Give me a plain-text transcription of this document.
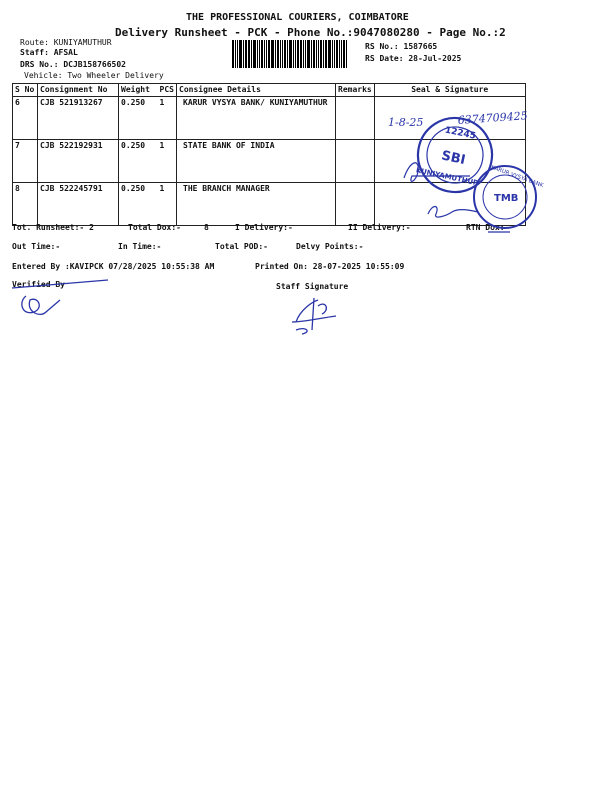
THE PROFESSIONAL COURIERS, COIMBATORE
Delivery Runsheet - PCK - Phone No.:9047080280 - Page No.:2
Route: KUNIYAMUTHUR
Staff: AFSAL
DRS No.: DCJB158766502
Vehicle: Two Wheeler Delivery
RS No.: 1587665
RS Date: 28-Jul-2025
S No	Consignment No	Weight PCS	Consignee Details	Remarks	Seal & Signature
6	CJB 521913267	0.250 1	KARUR VYSYA BANK/ KUNIYAMUTHUR		
7	CJB 522192931	0.250 1	STATE BANK OF INDIA		
8	CJB 522245791	0.250 1	THE BRANCH MANAGER		
Tot. Runsheet:- 2	Total Dox:-	8	I Delivery:-	II Delivery:-	RTN Dox:-
Out Time:-	In Time:-	Total POD:-	Delvy Points:-
Entered By :KAVIPCK 07/28/2025 10:55:38 AM	Printed On: 28-07-2025 10:55:09
Verified By	Staff Signature
1-8-25	6374709425
12245
SBI
KUNIYAMUTHUR KARUR VYSYA BANK
TMB
